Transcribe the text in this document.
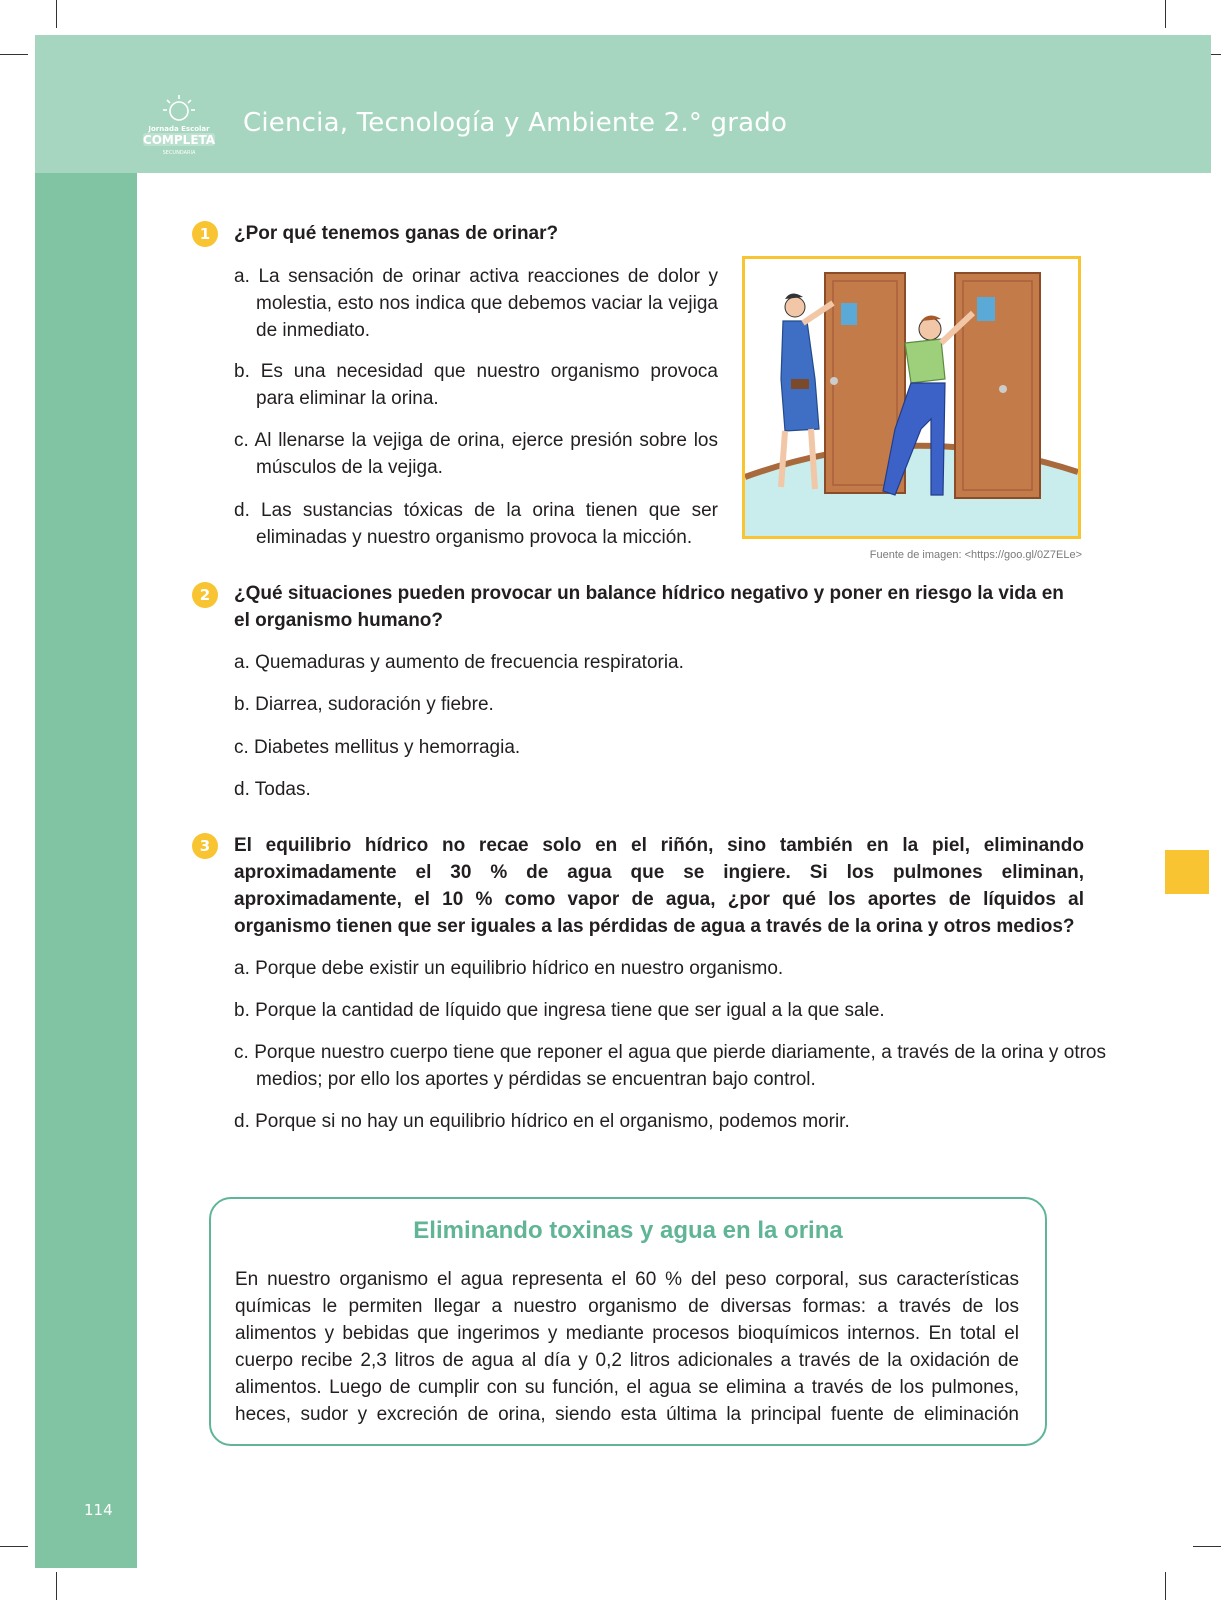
Jornada Escolar
COMPLETA
SECUNDARIA
Ciencia, Tecnología y Ambiente 2.° grado
114
1	¿Por qué tenemos ganas de orinar?
a. La sensación de orinar activa reacciones de dolor y molestia, esto nos indica que debemos vaciar la vejiga de inmediato.
b. Es una necesidad que nuestro organismo provoca para eliminar la orina.
c. Al llenarse la vejiga de orina, ejerce presión sobre los músculos de la vejiga.
d. Las sustancias tóxicas de la orina tienen que ser eliminadas y nuestro organismo provoca la micción.
Fuente de imagen: <https://goo.gl/0Z7ELe>
2	¿Qué situaciones pueden provocar un balance hídrico negativo y poner en riesgo la vida en el organismo humano?
a. Quemaduras y aumento de frecuencia respiratoria.
b. Diarrea, sudoración y fiebre.
c. Diabetes mellitus y hemorragia.
d. Todas.
3	El equilibrio hídrico no recae solo en el riñón, sino también en la piel, eliminando aproximadamente el 30 % de agua que se ingiere. Si los pulmones eliminan, aproximadamente, el 10 % como vapor de agua, ¿por qué los aportes de líquidos al organismo tienen que ser iguales a las pérdidas de agua a través de la orina y otros medios?
a. Porque debe existir un equilibrio hídrico en nuestro organismo.
b. Porque la cantidad de líquido que ingresa tiene que ser igual a la que sale.
c. Porque nuestro cuerpo tiene que reponer el agua que pierde diariamente, a través de la orina y otros medios; por ello los aportes y pérdidas se encuentran bajo control.
d. Porque si no hay un equilibrio hídrico en el organismo, podemos morir.
Eliminando toxinas y agua en la orina
En nuestro organismo el agua representa el 60 % del peso corporal, sus características químicas le permiten llegar a nuestro organismo de diversas formas: a través de los alimentos y bebidas que ingerimos y mediante procesos bioquímicos internos. En total el cuerpo recibe 2,3 litros de agua al día y 0,2 litros adicionales a través de la oxidación de alimentos. Luego de cumplir con su función, el agua se elimina a través de los pulmones, heces, sudor y excreción de orina, siendo esta última la principal fuente de eliminación
